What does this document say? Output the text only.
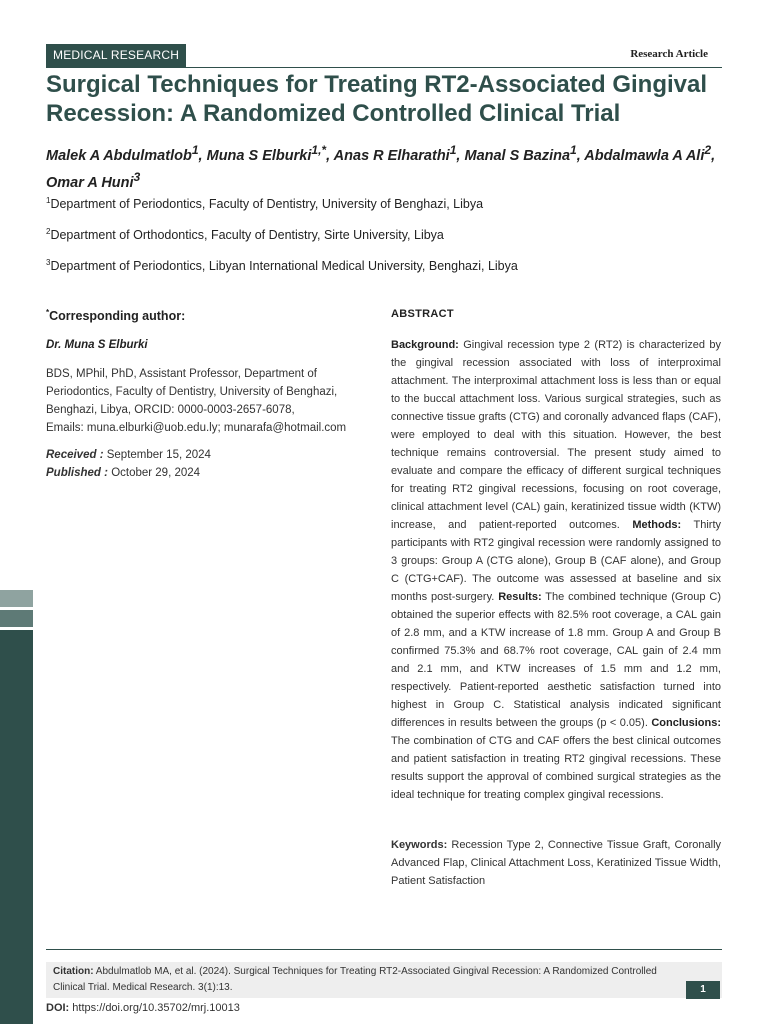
MEDICAL RESEARCH	Research Article
Surgical Techniques for Treating RT2-Associated Gingival Recession: A Randomized Controlled Clinical Trial
Malek A Abdulmatlob$^1$, Muna S Elburki$^{1,*}$, Anas R Elharathi$^1$, Manal S Bazina$^1$, Abdalmawla A Ali$^2$, Omar A Huni$^3$
$^1$Department of Periodontics, Faculty of Dentistry, University of Benghazi, Libya
$^2$Department of Orthodontics, Faculty of Dentistry, Sirte University, Libya
$^3$Department of Periodontics, Libyan International Medical University, Benghazi, Libya
*Corresponding author:
Dr. Muna S Elburki
BDS, MPhil, PhD, Assistant Professor, Department of Periodontics, Faculty of Dentistry, University of Benghazi, Benghazi, Libya, ORCID: 0000-0003-2657-6078,
Emails: muna.elburki@uob.edu.ly; munarafa@hotmail.com
Received : September 15, 2024
Published : October 29, 2024
ABSTRACT

Background: Gingival recession type 2 (RT2) is characterized by the gingival recession associated with loss of interproximal attachment. The interproximal attachment loss is less than or equal to the buccal attachment loss. Various surgical strategies, such as connective tissue grafts (CTG) and coronally advanced flaps (CAF), were employed to deal with this situation. However, the best technique remains controversial. The present study aimed to evaluate and compare the efficacy of different surgical techniques for treating RT2 gingival recessions, focusing on root coverage, clinical attachment level (CAL) gain, keratinized tissue width (KTW) increase, and patient-reported outcomes. Methods: Thirty participants with RT2 gingival recession were randomly assigned to 3 groups: Group A (CTG alone), Group B (CAF alone), and Group C (CTG+CAF). The outcome was assessed at baseline and six months post-surgery. Results: The combined technique (Group C) obtained the superior effects with 82.5% root coverage, a CAL gain of 2.8 mm, and a KTW increase of 1.8 mm. Group A and Group B confirmed 75.3% and 68.7% root coverage, CAL gain of 2.4 mm and 2.1 mm, and KTW increases of 1.5 mm and 1.2 mm, respectively. Patient-reported aesthetic satisfaction turned into highest in Group C. Statistical analysis indicated significant differences in results between the groups (p < 0.05). Conclusions: The combination of CTG and CAF offers the best clinical outcomes and patient satisfaction in treating RT2 gingival recessions. These results support the approval of combined surgical strategies as the ideal technique for treating complex gingival recessions.

Keywords: Recession Type 2, Connective Tissue Graft, Coronally Advanced Flap, Clinical Attachment Loss, Keratinized Tissue Width, Patient Satisfaction

Citation: Abdulmatlob MA, et al. (2024). Surgical Techniques for Treating RT2-Associated Gingival Recession: A Randomized Controlled Clinical Trial. Medical Research. 3(1):13.	1
DOI: https://doi.org/10.35702/mrj.10013
